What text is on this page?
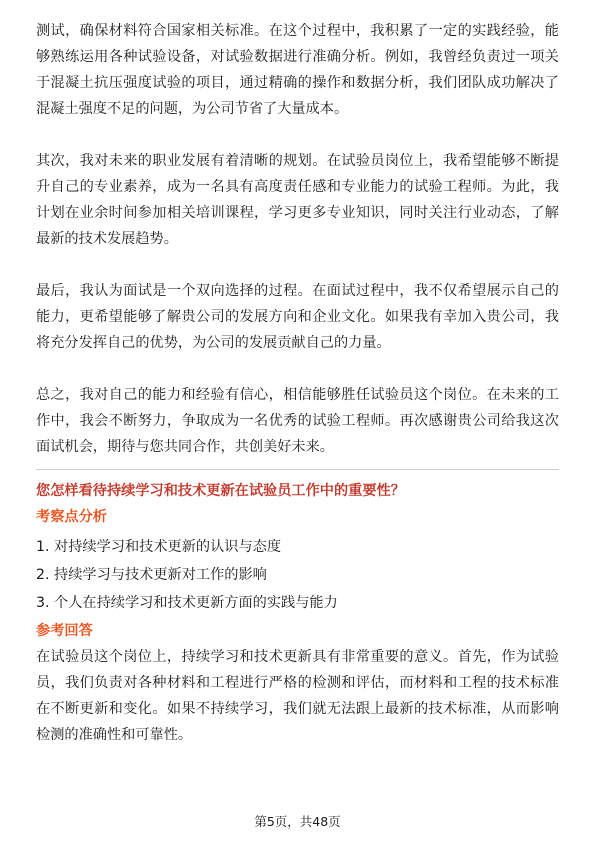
测试，确保材料符合国家相关标准。在这个过程中，我积累了一定的实践经验，能够熟练运用各种试验设备，对试验数据进行准确分析。例如，我曾经负责过一项关于混凝土抗压强度试验的项目，通过精确的操作和数据分析，我们团队成功解决了混凝土强度不足的问题，为公司节省了大量成本。

其次，我对未来的职业发展有着清晰的规划。在试验员岗位上，我希望能够不断提升自己的专业素养，成为一名具有高度责任感和专业能力的试验工程师。为此，我计划在业余时间参加相关培训课程，学习更多专业知识，同时关注行业动态，了解最新的技术发展趋势。

最后，我认为面试是一个双向选择的过程。在面试过程中，我不仅希望展示自己的能力，更希望能够了解贵公司的发展方向和企业文化。如果我有幸加入贵公司，我将充分发挥自己的优势，为公司的发展贡献自己的力量。

总之，我对自己的能力和经验有信心，相信能够胜任试验员这个岗位。在未来的工作中，我会不断努力，争取成为一名优秀的试验工程师。再次感谢贵公司给我这次面试机会，期待与您共同合作，共创美好未来。

您怎样看待持续学习和技术更新在试验员工作中的重要性？

考察点分析

1. 对持续学习和技术更新的认识与态度
2. 持续学习与技术更新对工作的影响
3. 个人在持续学习和技术更新方面的实践与能力

参考回答

在试验员这个岗位上，持续学习和技术更新具有非常重要的意义。首先，作为试验员，我们负责对各种材料和工程进行严格的检测和评估，而材料和工程的技术标准在不断更新和变化。如果不持续学习，我们就无法跟上最新的技术标准，从而影响检测的准确性和可靠性。

第5页，共48页
